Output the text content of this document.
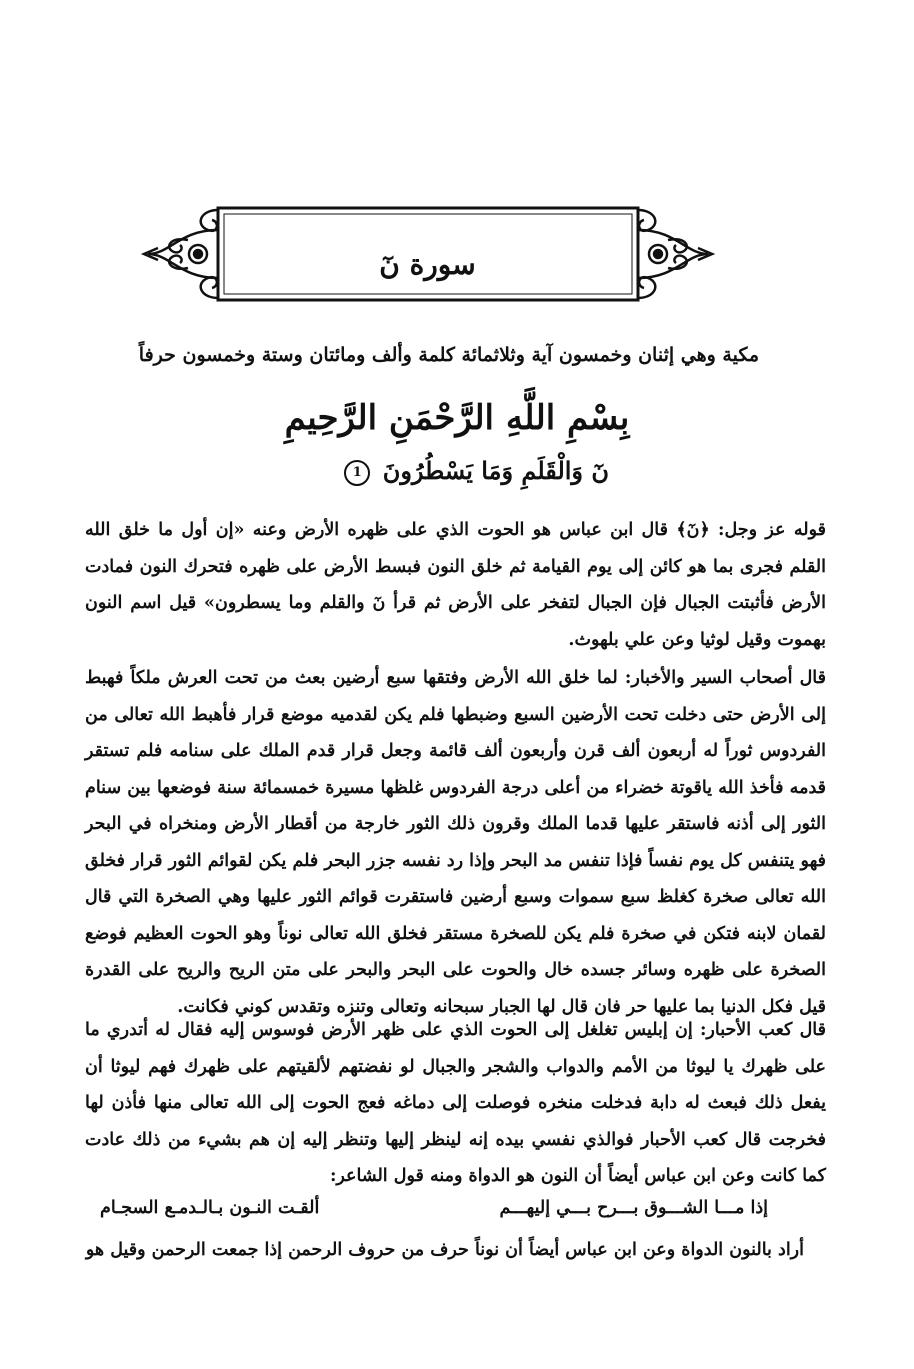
سورة نٓ
مكية وهي إثنان وخمسون آية وثلاثمائة كلمة وألف ومائتان وستة وخمسون حرفاً
بِسْمِ اللَّهِ الرَّحْمَنِ الرَّحِيمِ
نٓ وَالْقَلَمِ وَمَا يَسْطُرُونَ 1
قوله عز وجل: ﴿نٓ﴾ قال ابن عباس هو الحوت الذي على ظهره الأرض وعنه «إن أول ما خلق الله القلم فجرى بما هو كائن إلى يوم القيامة ثم خلق النون فبسط الأرض على ظهره فتحرك النون فمادت الأرض فأثبتت الجبال فإن الجبال لتفخر على الأرض ثم قرأ نٓ والقلم وما يسطرون» قيل اسم النون بهموت وقيل لوثيا وعن علي بلهوث.
قال أصحاب السير والأخبار: لما خلق الله الأرض وفتقها سبع أرضين بعث من تحت العرش ملكاً فهبط إلى الأرض حتى دخلت تحت الأرضين السبع وضبطها فلم يكن لقدميه موضع قرار فأهبط الله تعالى من الفردوس ثوراً له أربعون ألف قرن وأربعون ألف قائمة وجعل قرار قدم الملك على سنامه فلم تستقر قدمه فأخذ الله ياقوتة خضراء من أعلى درجة الفردوس غلظها مسيرة خمسمائة سنة فوضعها بين سنام الثور إلى أذنه فاستقر عليها قدما الملك وقرون ذلك الثور خارجة من أقطار الأرض ومنخراه في البحر فهو يتنفس كل يوم نفساً فإذا تنفس مد البحر وإذا رد نفسه جزر البحر فلم يكن لقوائم الثور قرار فخلق الله تعالى صخرة كغلظ سبع سموات وسبع أرضين فاستقرت قوائم الثور عليها وهي الصخرة التي قال لقمان لابنه فتكن في صخرة فلم يكن للصخرة مستقر فخلق الله تعالى نوناً وهو الحوت العظيم فوضع الصخرة على ظهره وسائر جسده خال والحوت على البحر والبحر على متن الريح والريح على القدرة قيل فكل الدنيا بما عليها حر فان قال لها الجبار سبحانه وتعالى وتنزه وتقدس كوني فكانت.
قال كعب الأحبار: إن إبليس تغلغل إلى الحوت الذي على ظهر الأرض فوسوس إليه فقال له أتدري ما على ظهرك يا ليوثا من الأمم والدواب والشجر والجبال لو نفضتهم لألقيتهم على ظهرك فهم ليوثا أن يفعل ذلك فبعث له دابة فدخلت منخره فوصلت إلى دماغه فعج الحوت إلى الله تعالى منها فأذن لها فخرجت قال كعب الأحبار فوالذي نفسي بيده إنه لينظر إليها وتنظر إليه إن هم بشيء من ذلك عادت كما كانت وعن ابن عباس أيضاً أن النون هو الدواة ومنه قول الشاعر:
إذا مـــا الشـــوق بـــرح بـــي إليهـــم
ألقـت النـون بـالـدمـع السجـام
أراد بالنون الدواة وعن ابن عباس أيضاً أن نوناً حرف من حروف الرحمن إذا جمعت الرحمن وقيل هو
